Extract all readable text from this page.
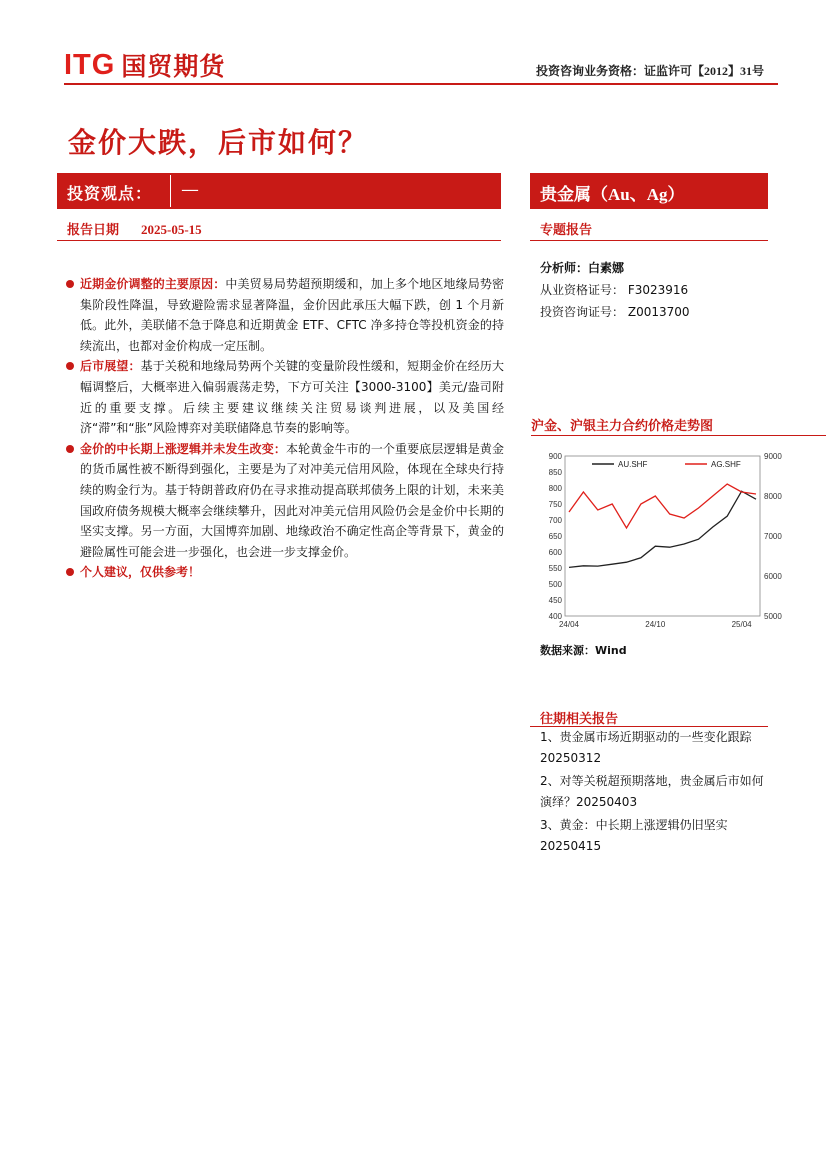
ITG 国贸期货	投资咨询业务资格：证监许可【2012】31号
金价大跌，后市如何？
投资观点： —	贵金属（Au、Ag）
报告日期 2025-05-15	专题报告
近期金价调整的主要原因：中美贸易局势超预期缓和，加上多个地区地缘局势密集阶段性降温，导致避险需求显著降温，金价因此承压大幅下跌，创 1 个月新低。此外，美联储不急于降息和近期黄金 ETF、CFTC 净多持仓等投机资金的持续流出，也都对金价构成一定压制。
后市展望：基于关税和地缘局势两个关键的变量阶段性缓和，短期金价在经历大幅调整后，大概率进入偏弱震荡走势，下方可关注【3000-3100】美元/盎司附近的重要支撑。后续主要建议继续关注贸易谈判进展，以及美国经济“滞”和“胀”风险博弈对美联储降息节奏的影响等。
金价的中长期上涨逻辑并未发生改变：本轮黄金牛市的一个重要底层逻辑是黄金的货币属性被不断得到强化，主要是为了对冲美元信用风险，体现在全球央行持续的购金行为。基于特朗普政府仍在寻求推动提高联邦债务上限的计划，未来美国政府债务规模大概率会继续攀升，因此对冲美元信用风险仍会是金价中长期的坚实支撑。另一方面，大国博弈加剧、地缘政治不确定性高企等背景下，黄金的避险属性可能会进一步强化，也会进一步支撑金价。
个人建议，仅供参考！
分析师：白素娜
从业资格证号： F3023916
投资咨询证号： Z0013700
沪金、沪银主力合约价格走势图
900
850
800
750
700
650
600
550
500
450
400
9000
8000
7000
6000
5000
24/04	24/10	25/04
AU.SHF	AG.SHF
数据来源：Wind
往期相关报告
1、贵金属市场近期驱动的一些变化跟踪 20250312
2、对等关税超预期落地，贵金属后市如何演绎？20250403
3、黄金：中长期上涨逻辑仍旧坚实 20250415
